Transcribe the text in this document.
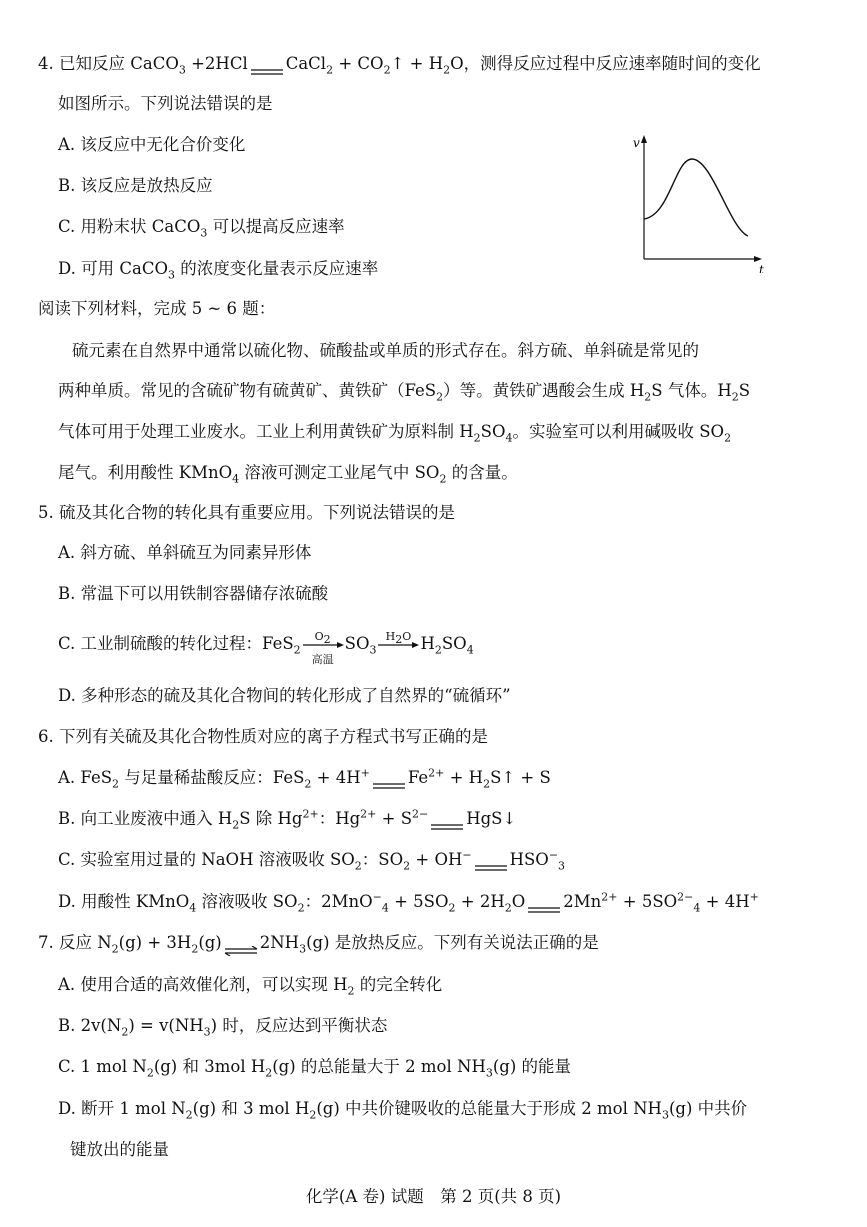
4. 已知反应 CaCO$_3$ +2HCl CaCl$_2$ + $CO_2↑ + H_2O$，测得反应过程中反应速率随时间的变化
如图所示。下列说法错误的是
A. 该反应中无化合价变化
B. 该反应是放热反应
C. 用粉末状 CaCO$_3$ 可以提高反应速率
D. 可用 CaCO$_3$ 的浓度变化量表示反应速率
v
t
阅读下列材料，完成 5 ~ 6 题：
硫元素在自然界中通常以硫化物、硫酸盐或单质的形式存在。斜方硫、单斜硫是常见的
两种单质。常见的含硫矿物有硫黄矿、黄铁矿（FeS$_2$）等。黄铁矿遇酸会生成 $H_2S$ 气体。$H_2S$
气体可用于处理工业废水。工业上利用黄铁矿为原料制 $H_2SO_4$。实验室可以利用碱吸收 $SO_2$
尾气。利用酸性 KMnO$_4$ 溶液可测定工业尾气中 $SO_2$ 的含量。
5. 硫及其化合物的转化具有重要应用。下列说法错误的是
A. 斜方硫、单斜硫互为同素异形体
B. 常温下可以用铁制容器储存浓硫酸
C. 工业制硫酸的转化过程：FeS$_2$
$O_2$
高温
$SO_3$
$H_2O$ $H_2SO_4$
D. 多种形态的硫及其化合物间的转化形成了自然界的“硫循环”
6. 下列有关硫及其化合物性质对应的离子方程式书写正确的是
A. FeS$_2$ 与足量稀盐酸反应：FeS$_2$ + 4H+ $Fe^{2+}$ + $H_2S↑ + S$
B. 向工业废液中通入 $H_2S$ 除 $Hg^{2+}$：$Hg^{2+} + S^{2-}$ HgS↓
C. 实验室用过量的 NaOH 溶液吸收 $SO_2$：$SO_2 + OH^-$ $HSO^-_3$
D. 用酸性 KMnO$_4$ 溶液吸收 $SO_2$：$2MnO^-_4 + 5SO_2 + 2H_2O$ $2Mn^{2+} + 5SO^{2-}_4 + 4H^+$
7. 反应 $N_2(g)$ + $3H_2(g)\rightleftharpoons 2NH_3(g)$ 是放热反应。下列有关说法正确的是
A. 使用合适的高效催化剂，可以实现 $H_2$ 的完全转化
B. $2v(N_2) = v(NH_3)$ 时，反应达到平衡状态
C. 1 mol $N_2(g)$ 和 3mol $H_2(g)$ 的总能量大于 2 mol $NH_3(g)$ 的能量
D. 断开 1 mol $N_2(g)$ 和 3 mol $H_2(g)$ 中共价键吸收的总能量大于形成 2 mol $NH_3(g)$ 中共价
键放出的能量
化学(A 卷) 试题　第 2 页(共 8 页)
